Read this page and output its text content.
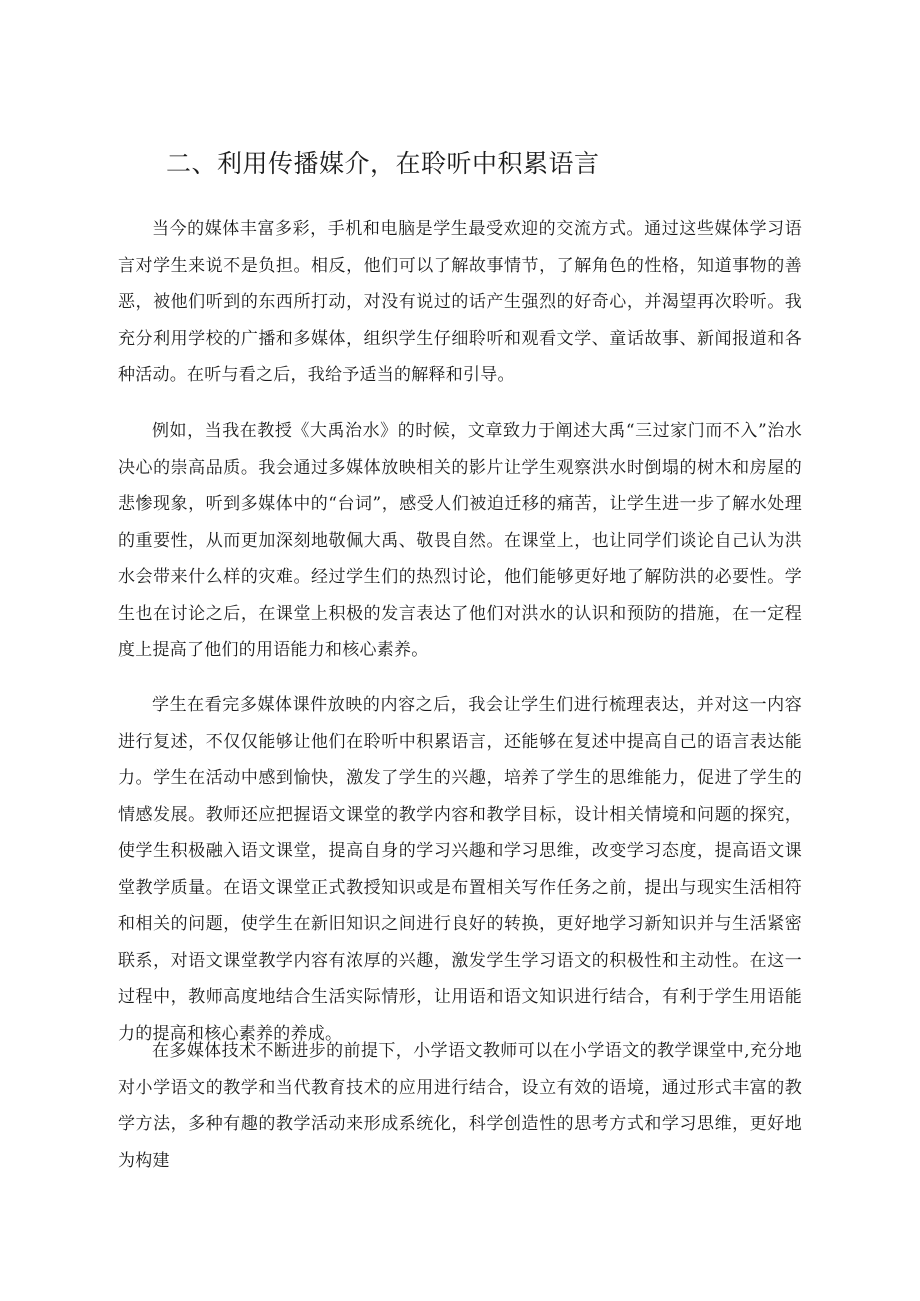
二、利用传播媒介，在聆听中积累语言

当今的媒体丰富多彩，手机和电脑是学生最受欢迎的交流方式。通过这些媒体学习语言对学生来说不是负担。相反，他们可以了解故事情节，了解角色的性格，知道事物的善恶，被他们听到的东西所打动，对没有说过的话产生强烈的好奇心，并渴望再次聆听。我充分利用学校的广播和多媒体，组织学生仔细聆听和观看文学、童话故事、新闻报道和各种活动。在听与看之后，我给予适当的解释和引导。

例如，当我在教授《大禹治水》的时候，文章致力于阐述大禹“三过家门而不入”治水决心的崇高品质。我会通过多媒体放映相关的影片让学生观察洪水时倒塌的树木和房屋的悲惨现象，听到多媒体中的“台词”，感受人们被迫迁移的痛苦，让学生进一步了解水处理的重要性，从而更加深刻地敬佩大禹、敬畏自然。在课堂上，也让同学们谈论自己认为洪水会带来什么样的灾难。经过学生们的热烈讨论，他们能够更好地了解防洪的必要性。学生也在讨论之后，在课堂上积极的发言表达了他们对洪水的认识和预防的措施，在一定程度上提高了他们的用语能力和核心素养。

学生在看完多媒体课件放映的内容之后，我会让学生们进行梳理表达，并对这一内容进行复述，不仅仅能够让他们在聆听中积累语言，还能够在复述中提高自己的语言表达能力。学生在活动中感到愉快，激发了学生的兴趣，培养了学生的思维能力，促进了学生的情感发展。教师还应把握语文课堂的教学内容和教学目标，设计相关情境和问题的探究，使学生积极融入语文课堂，提高自身的学习兴趣和学习思维，改变学习态度，提高语文课堂教学质量。在语文课堂正式教授知识或是布置相关写作任务之前，提出与现实生活相符和相关的问题，使学生在新旧知识之间进行良好的转换，更好地学习新知识并与生活紧密联系，对语文课堂教学内容有浓厚的兴趣，激发学生学习语文的积极性和主动性。在这一过程中，教师高度地结合生活实际情形，让用语和语文知识进行结合，有利于学生用语能力的提高和核心素养的养成。

在多媒体技术不断进步的前提下，小学语文教师可以在小学语文的教学课堂中,充分地对小学语文的教学和当代教育技术的应用进行结合，设立有效的语境，通过形式丰富的教学方法，多种有趣的教学活动来形成系统化，科学创造性的思考方式和学习思维，更好地为构建
